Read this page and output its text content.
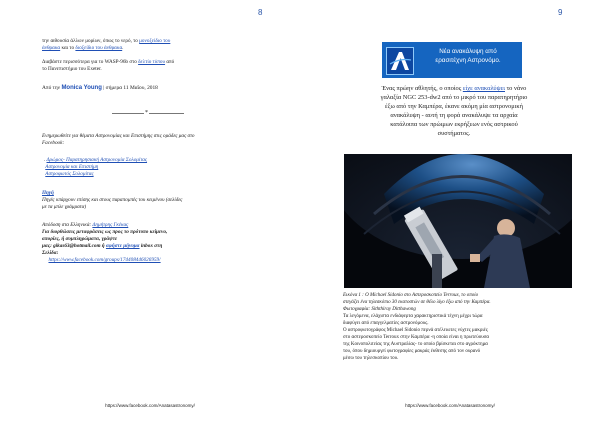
8
την αιθουσία άλλων μορίων, όπως το νερό, το μονοξείδιο του
άνθρακα και το διοξείδιο του άνθρακα.
Διαβάστε περισσότερα για το WASP-96b στο δελτίο τύπου από
το Πανεπιστήμιο του Exeter.
Από την Monica Young | σήμερα 11 Μαΐου, 2018
*
Ενημερωθείτε για θέματα Αστρονομίας και Επιστήμης στις ομάδες μας στο
Facebook:
. Δρώμος- Παρατηρησιακή Αστρονομία Σολομίτας
Αστρονομία και Επιστήμη
Αστροφωτός Σολομίτας
Πηγή
Πηγές υπάρχουν επίσης και στους παραπομπές του κειμένου (σελίδες
με τα μπλε γράμματα)
Απόδοση στα Ελληνικά: Δημήτρης Γκέκας
Για διορθώσεις μεταφράσεις ως προς το πρότυπο κείμενο,
απορίες, ή συμπληρώματα, γράψτε
μας: gikas63@hotmail.com ή αφήστε μήνυμα inbox στη
Σελίδα:
https://www.facebook.com/groups/174408446026959/
https://www.facebook.com/Anatasastronomy/
9
Νέα ανακάλυψη από
ερασιτέχνη Αστρονόμο.
Ένας πρώην αθλητής, ο οποίος είχε ανακαλύψει το νάνο
γαλαξία NGC 253-dw2 από το μικρό του παρατηρητήριο
έξω από την Καμπέρα, έκανε ακόμη μία αστρονομική
ανακάλυψη - αυτή τη φορά ανακάλυψε τα αρχαία
κατάλοιπα των πρώιμων εκρήξεων ενός αστρικού
συστήματος.
Εικόνα 1 : Ο Michael Sidonio στο Αστεροσκοπείο Terroux, το οποίο
στεγάζει ένα τηλεσκόπιο 30 εκατοστών σε θέλο λίγο έξω από την Καμπέρα.
Φωτογραφία: Siththiray Ditthawong
Τα λεγόμενα, ελάχιστα ενδιάφερτα χαρακτηριστικά τέχνη μέχρι τώρα
διαφύγει από επαγγελματίες αστρονόμους.
Ο αστροφωτογράφος Michael Sidonio περνά ατέλειωτες νύχτες μακριές
στο αστεροσκοπείο Terroux στην Καμπέρα -η οποία είναι η πρωτεύουσα
της Κοινοπολιτείας της Αυστραλίας- το οποίο βρίσκεται στο αγρόκτημα
του, όπου δημιουργεί φωτογραφίες μακράς έκθεσης από τον ουρανό
μέσω του τηλεσκοπίου του.
https://www.facebook.com/Anatasastronomy/
